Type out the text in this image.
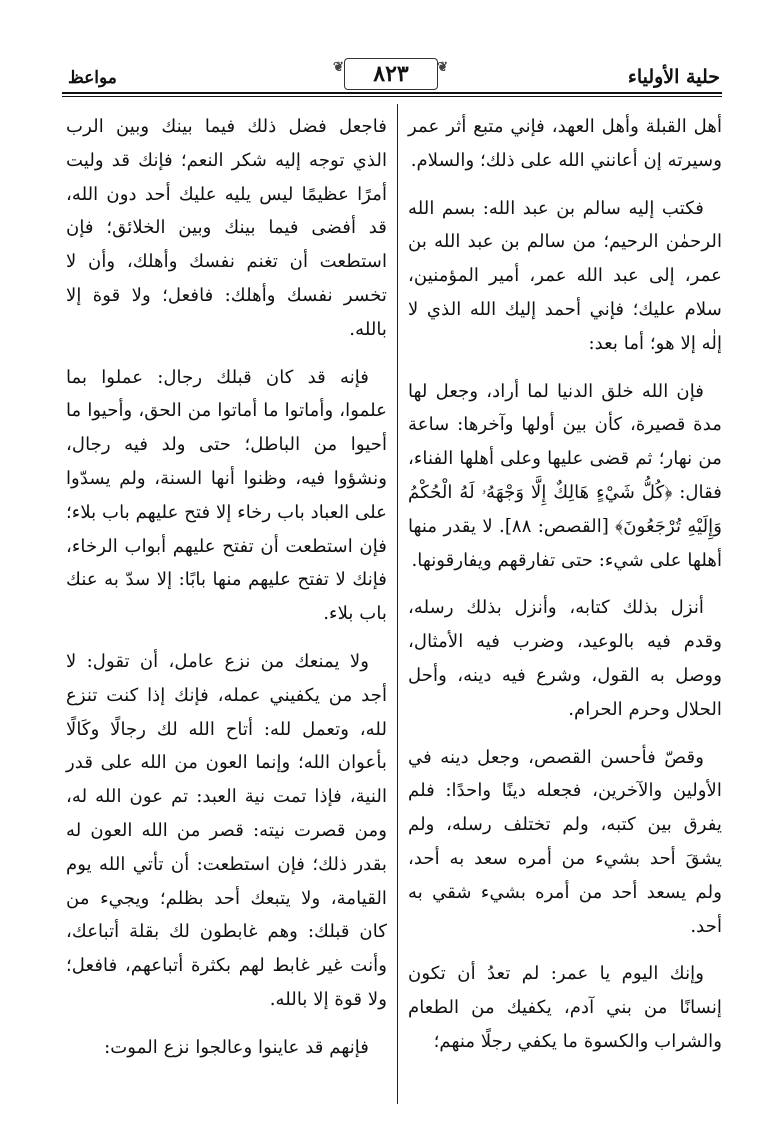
حلية الأولياء
❦ ٨٢٣ ❦
مواعظ

أهل القبلة وأهل العهد، فإني متبع أثر عمر وسيرته إن أعانني الله على ذلك؛ والسلام.

فكتب إليه سالم بن عبد الله: بسم الله الرحمٰن الرحيم؛ من سالم بن عبد الله بن عمر، إلى عبد الله عمر، أمير المؤمنين، سلام عليك؛ فإني أحمد إليك الله الذي لا إلٰه إلا هو؛ أما بعد:

فإن الله خلق الدنيا لما أراد، وجعل لها مدة قصيرة، كأن بين أولها وآخرها: ساعة من نهار؛ ثم قضى عليها وعلى أهلها الفناء، فقال: ﴿كُلُّ شَيْءٍ هَالِكٌ إِلَّا وَجْهَهُۥ لَهُ الْحُكْمُ وَإِلَيْهِ تُرْجَعُونَ﴾ [القصص: ٨٨]. لا يقدر منها أهلها على شيء: حتى تفارقهم ويفارقونها.

أنزل بذلك كتابه، وأنزل بذلك رسله، وقدم فيه بالوعيد، وضرب فيه الأمثال، ووصل به القول، وشرع فيه دينه، وأحل الحلال وحرم الحرام.

وقصّ فأحسن القصص، وجعل دينه في الأولين والآخرين، فجعله دينًا واحدًا: فلم يفرق بين كتبه، ولم تختلف رسله، ولم يشقَ أحد بشيء من أمره سعد به أحد، ولم يسعد أحد من أمره بشيء شقي به أحد.

وإنك اليوم يا عمر: لم تعدُ أن تكون إنسانًا من بني آدم، يكفيك من الطعام والشراب والكسوة ما يكفي رجلًا منهم؛

فاجعل فضل ذلك فيما بينك وبين الرب الذي توجه إليه شكر النعم؛ فإنك قد وليت أمرًا عظيمًا ليس يليه عليك أحد دون الله، قد أفضى فيما بينك وبين الخلائق؛ فإن استطعت أن تغنم نفسك وأهلك، وأن لا تخسر نفسك وأهلك: فافعل؛ ولا قوة إلا بالله.

فإنه قد كان قبلك رجال: عملوا بما علموا، وأماتوا ما أماتوا من الحق، وأحيوا ما أحيوا من الباطل؛ حتى ولد فيه رجال، ونشؤوا فيه، وظنوا أنها السنة، ولم يسدّوا على العباد باب رخاء إلا فتح عليهم باب بلاء؛ فإن استطعت أن تفتح عليهم أبواب الرخاء، فإنك لا تفتح عليهم منها بابًا: إلا سدّ به عنك باب بلاء.

ولا يمنعك من نزع عامل، أن تقول: لا أجد من يكفيني عمله، فإنك إذا كنت تنزع لله، وتعمل لله: أتاح الله لك رجالًا وكَالًا بأعوان الله؛ وإنما العون من الله على قدر النية، فإذا تمت نية العبد: تم عون الله له، ومن قصرت نيته: قصر من الله العون له بقدر ذلك؛ فإن استطعت: أن تأتي الله يوم القيامة، ولا يتبعك أحد بظلم؛ ويجيء من كان قبلك: وهم غابطون لك بقلة أتباعك، وأنت غير غابط لهم بكثرة أتباعهم، فافعل؛ ولا قوة إلا بالله.

فإنهم قد عاينوا وعالجوا نزع الموت:
